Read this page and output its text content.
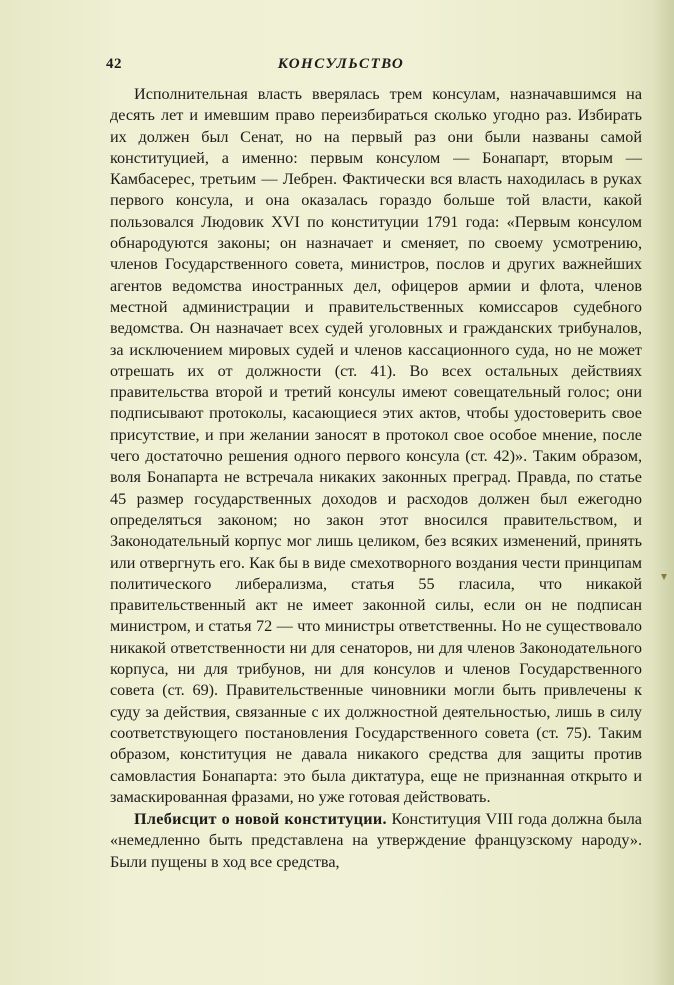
42	КОНСУЛЬСТВО

Исполнительная власть вверялась трем консулам, назначавшимся на десять лет и имевшим право переизбираться сколько угодно раз. Избирать их должен был Сенат, но на первый раз они были названы самой конституцией, а именно: первым консулом — Бонапарт, вторым — Камбасерес, третьим — Лебрен. Фактически вся власть находилась в руках первого консула, и она оказалась гораздо больше той власти, какой пользовался Людовик XVI по конституции 1791 года: «Первым консулом обнародуются законы; он назначает и сменяет, по своему усмотрению, членов Государственного совета, министров, послов и других важнейших агентов ведомства иностранных дел, офицеров армии и флота, членов местной администрации и правительственных комиссаров судебного ведомства. Он назначает всех судей уголовных и гражданских трибуналов, за исключением мировых судей и членов кассационного суда, но не может отрешать их от должности (ст. 41). Во всех остальных действиях правительства второй и третий консулы имеют совещательный голос; они подписывают протоколы, касающиеся этих актов, чтобы удостоверить свое присутствие, и при желании заносят в протокол свое особое мнение, после чего достаточно решения одного первого консула (ст. 42)». Таким образом, воля Бонапарта не встречала никаких законных преград. Правда, по статье 45 размер государственных доходов и расходов должен был ежегодно определяться законом; но закон этот вносился правительством, и Законодательный корпус мог лишь целиком, без всяких изменений, принять или отвергнуть его. Как бы в виде смехотворного воздания чести принципам политического либерализма, статья 55 гласила, что никакой правительственный акт не имеет законной силы, если он не подписан министром, и статья 72 — что министры ответственны. Но не существовало никакой ответственности ни для сенаторов, ни для членов Законодательного корпуса, ни для трибунов, ни для консулов и членов Государственного совета (ст. 69). Правительственные чиновники могли быть привлечены к суду за действия, связанные с их должностной деятельностью, лишь в силу соответствующего постановления Государственного совета (ст. 75). Таким образом, конституция не давала никакого средства для защиты против самовластия Бонапарта: это была диктатура, еще не признанная открыто и замаскированная фразами, но уже готовая действовать.

Плебисцит о новой конституции. Конституция VIII года должна была «немедленно быть представлена на утверждение французскому народу». Были пущены в ход все средства,
